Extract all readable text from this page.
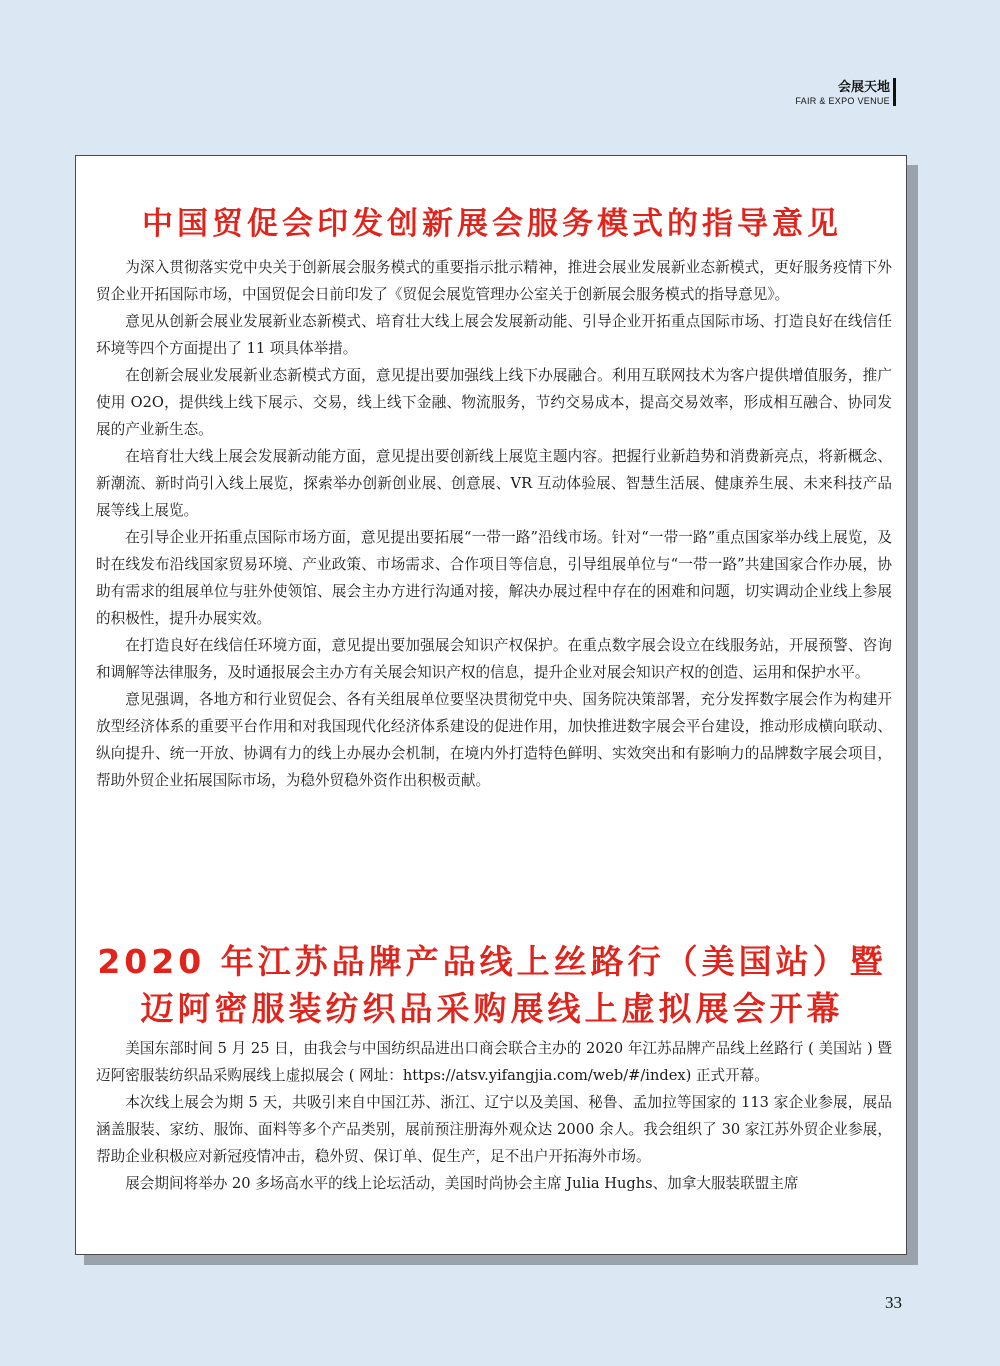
会展天地
FAIR & EXPO VENUE
中国贸促会印发创新展会服务模式的指导意见

为深入贯彻落实党中央关于创新展会服务模式的重要指示批示精神，推进会展业发展新业态新模式，更好服务疫情下外贸企业开拓国际市场，中国贸促会日前印发了《贸促会展览管理办公室关于创新展会服务模式的指导意见》。

意见从创新会展业发展新业态新模式、培育壮大线上展会发展新动能、引导企业开拓重点国际市场、打造良好在线信任环境等四个方面提出了 11 项具体举措。

在创新会展业发展新业态新模式方面，意见提出要加强线上线下办展融合。利用互联网技术为客户提供增值服务，推广使用 O2O，提供线上线下展示、交易，线上线下金融、物流服务，节约交易成本，提高交易效率，形成相互融合、协同发展的产业新生态。

在培育壮大线上展会发展新动能方面，意见提出要创新线上展览主题内容。把握行业新趋势和消费新亮点，将新概念、新潮流、新时尚引入线上展览，探索举办创新创业展、创意展、VR 互动体验展、智慧生活展、健康养生展、未来科技产品展等线上展览。

在引导企业开拓重点国际市场方面，意见提出要拓展“一带一路”沿线市场。针对“一带一路”重点国家举办线上展览，及时在线发布沿线国家贸易环境、产业政策、市场需求、合作项目等信息，引导组展单位与“一带一路”共建国家合作办展，协助有需求的组展单位与驻外使领馆、展会主办方进行沟通对接，解决办展过程中存在的困难和问题，切实调动企业线上参展的积极性，提升办展实效。

在打造良好在线信任环境方面，意见提出要加强展会知识产权保护。在重点数字展会设立在线服务站，开展预警、咨询和调解等法律服务，及时通报展会主办方有关展会知识产权的信息，提升企业对展会知识产权的创造、运用和保护水平。

意见强调，各地方和行业贸促会、各有关组展单位要坚决贯彻党中央、国务院决策部署，充分发挥数字展会作为构建开放型经济体系的重要平台作用和对我国现代化经济体系建设的促进作用，加快推进数字展会平台建设，推动形成横向联动、纵向提升、统一开放、协调有力的线上办展办会机制，在境内外打造特色鲜明、实效突出和有影响力的品牌数字展会项目，帮助外贸企业拓展国际市场，为稳外贸稳外资作出积极贡献。

2020 年江苏品牌产品线上丝路行（美国站）暨
迈阿密服装纺织品采购展线上虚拟展会开幕

美国东部时间 5 月 25 日，由我会与中国纺织品进出口商会联合主办的 2020 年江苏品牌产品线上丝路行 ( 美国站 ) 暨迈阿密服装纺织品采购展线上虚拟展会 ( 网址：https://atsv.yifangjia.com/web/#/index) 正式开幕。

本次线上展会为期 5 天，共吸引来自中国江苏、浙江、辽宁以及美国、秘鲁、孟加拉等国家的 113 家企业参展，展品涵盖服装、家纺、服饰、面料等多个产品类别，展前预注册海外观众达 2000 余人。我会组织了 30 家江苏外贸企业参展，帮助企业积极应对新冠疫情冲击，稳外贸、保订单、促生产，足不出户开拓海外市场。

展会期间将举办 20 多场高水平的线上论坛活动，美国时尚协会主席 Julia Hughs、加拿大服装联盟主席

33
